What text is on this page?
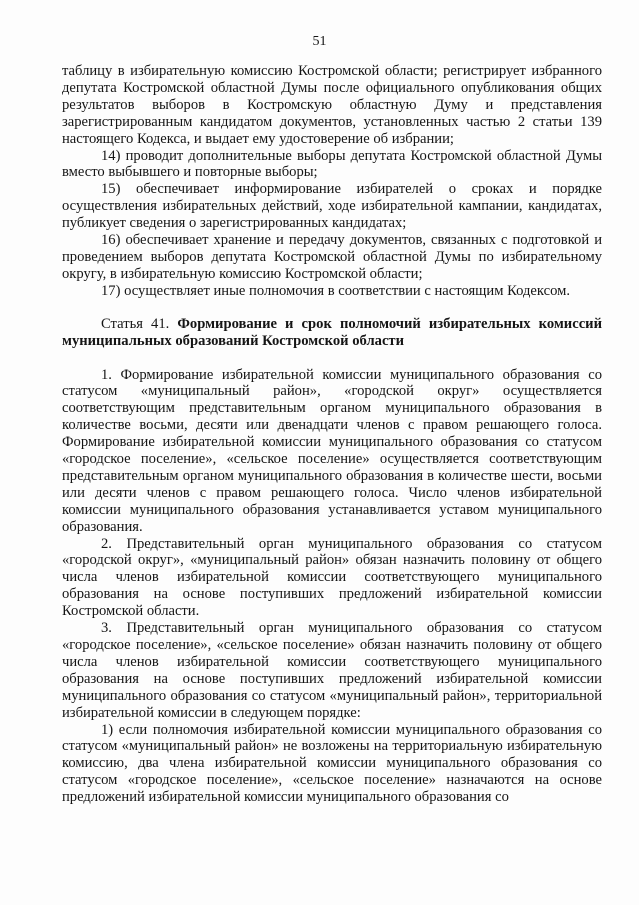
51

таблицу в избирательную комиссию Костромской области; регистрирует избранного депутата Костромской областной Думы после официального опубликования общих результатов выборов в Костромскую областную Думу и представления зарегистрированным кандидатом документов, установленных частью 2 статьи 139 настоящего Кодекса, и выдает ему удостоверение об избрании;

14) проводит дополнительные выборы депутата Костромской областной Думы вместо выбывшего и повторные выборы;

15) обеспечивает информирование избирателей о сроках и порядке осуществления избирательных действий, ходе избирательной кампании, кандидатах, публикует сведения о зарегистрированных кандидатах;

16) обеспечивает хранение и передачу документов, связанных с подготовкой и проведением выборов депутата Костромской областной Думы по избирательному округу, в избирательную комиссию Костромской области;

17) осуществляет иные полномочия в соответствии с настоящим Кодексом.

Статья 41. Формирование и срок полномочий избирательных комиссий муниципальных образований Костромской области

1. Формирование избирательной комиссии муниципального образования со статусом «муниципальный район», «городской округ» осуществляется соответствующим представительным органом муниципального образования в количестве восьми, десяти или двенадцати членов с правом решающего голоса. Формирование избирательной комиссии муниципального образования со статусом «городское поселение», «сельское поселение» осуществляется соответствующим представительным органом муниципального образования в количестве шести, восьми или десяти членов с правом решающего голоса. Число членов избирательной комиссии муниципального образования устанавливается уставом муниципального образования.

2. Представительный орган муниципального образования со статусом «городской округ», «муниципальный район» обязан назначить половину от общего числа членов избирательной комиссии соответствующего муниципального образования на основе поступивших предложений избирательной комиссии Костромской области.

3. Представительный орган муниципального образования со статусом «городское поселение», «сельское поселение» обязан назначить половину от общего числа членов избирательной комиссии соответствующего муниципального образования на основе поступивших предложений избирательной комиссии муниципального образования со статусом «муниципальный район», территориальной избирательной комиссии в следующем порядке:

1) если полномочия избирательной комиссии муниципального образования со статусом «муниципальный район» не возложены на территориальную избирательную комиссию, два члена избирательной комиссии муниципального образования со статусом «городское поселение», «сельское поселение» назначаются на основе предложений избирательной комиссии муниципального образования со
